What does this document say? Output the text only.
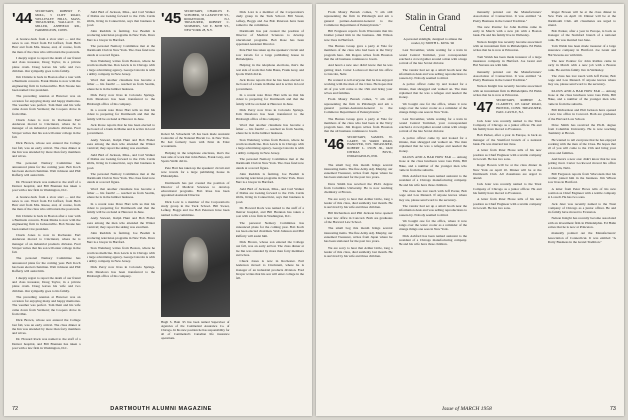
'44 SECRETARY, ROBERT F. MOLL, 5 CLIFF ROAD, WELLESLEY HILLS, MASS. TREASURER, WALLACE W. MILLER, ASHFIELD RD., FARMINGTON, CONN.

A bounce-back from a slow start — and the news is out. Word from Ed Gifford, from Herb Herr and from Mrs. Reese, and, of course, from the men of the class who still return the postcards.

I deeply regret to report the death of our friend and class treasurer, Doug Taylor, in a private plane crash. Doug leaves his wife and two children. Our sympathy goes to his family.

Jim Christie is back in Boston after a tour with a Bermuda concern. Frank Marks is now with the engineering firm in Jacksonville. Bob Sloane has been named vice president.

The preceding reunion at Hanover was an occasion for enjoying many and happy memories. The weather was perfect. Tom Dent and his wife came down from Vermont; the Coopers drove in from Ohio.

Chuck Jones is now in Rochester. Earl Anderson moved to Cincinnati, where he is manager of an industrial products division. Fred Strayer writes that his son will enter college in the fall.

Dick Brown, whose son entered the College last fall, was an early arrival. The class dinner at the Inn was attended by more than forty members and wives.

The personal Nemory Committee has announced plans for the coming year. Bob Koch has been elected chairman. Walt Johnson and Phil Rafferty will assist him.

Dr. Howard Rock was named to the staff of a Denver hospital, and Bill Brennan has taken a post with a law firm in Washington, D.C.

A bounce-back from a slow start — and the news is out. Word from Ed Gifford, from Herb Herr and from Mrs. Reese, and, of course, from the men of the class who still return the postcards.

Jim Christie is back in Boston after a tour with a Bermuda concern. Frank Marks is now with the engineering firm in Jacksonville. Bob Sloane has been named vice president.

Chuck Jones is now in Rochester. Earl Anderson moved to Cincinnati, where he is manager of an industrial products division. Fred Strayer writes that his son will enter college in the fall.

The personal Nemory Committee has announced plans for the coming year. Bob Koch has been elected chairman. Walt Johnson and Phil Rafferty will assist him.

I deeply regret to report the death of our friend and class treasurer, Doug Taylor, in a private plane crash. Doug leaves his wife and two children. Our sympathy goes to his family.

The preceding reunion at Hanover was an occasion for enjoying many and happy memories. The weather was perfect. Tom Dent and his wife came down from Vermont; the Coopers drove in from Ohio.

Dick Brown, whose son entered the College last fall, was an early arrival. The class dinner at the Inn was attended by more than forty members and wives.

Dr. Howard Rock was named to the staff of a Denver hospital, and Bill Brennan has taken a post with a law firm in Washington, D.C.

Judd Bird of Jackson, Miss., and Carl Walker of Dallas are looking forward to the 15th. Curtis Wells, living in Connecticut, says that business is good.

John Reddick is farming. Joe Boehm is producing television programs in New York. Dave Burr is a lawyer in Hartford.

The personal Nemory Committee met at the Dartmouth Club in New York. The class fund now stands at a record figure.

Stan Weinberg writes from Boston, where he practices medicine. Don Lewis is in Chicago with a large advertising agency. George Lincoln is with a utility company in New Jersey.

Word that another classmate has become a father — his fourth! — reached us from Seattle, where he is in the lumber business.

Dick Perry now lives in Colorado Springs. Tom Meadows has been transferred to the Pittsburgh office of his company.

In a recent note Dave Hart tells us that his oldest is preparing for Dartmouth and that the family will be on hand at Hanover in June.

Jack Rowe reports that he has been elected to the board of a bank in Maine and is active in local government.

Andy Stewart, Ralph Hunt and Bob Fisher were among the men who attended the Winter Carnival; they report the skiing was excellent.

Judd Bird of Jackson, Miss., and Carl Walker of Dallas are looking forward to the 15th. Curtis Wells, living in Connecticut, says that business is good.

The personal Nemory Committee met at the Dartmouth Club in New York. The class fund now stands at a record figure.

Word that another classmate has become a father — his fourth! — reached us from Seattle, where he is in the lumber business.

In a recent note Dave Hart tells us that his oldest is preparing for Dartmouth and that the family will be on hand at Hanover in June.

Andy Stewart, Ralph Hunt and Bob Fisher were among the men who attended the Winter Carnival; they report the skiing was excellent.

John Reddick is farming. Joe Boehm is producing television programs in New York. Dave Burr is a lawyer in Hartford.

Stan Weinberg writes from Boston, where he practices medicine. Don Lewis is in Chicago with a large advertising agency. George Lincoln is with a utility company in New Jersey.

Dick Perry now lives in Colorado Springs. Tom Meadows has been transferred to the Pittsburgh office of his company.

'45 SECRETARY, CHARLES E. SCHOBER, 33 LAFAYETTE ST., RIDGEWOOD, N.J. TREASURER, ROBERT C. SUMMERS, 510 E. 86TH ST., NEW YORK 28, N.Y.
Robert M. Schoeberlé '45 has been made Assistant Controller of the National Biscuit Co. in New York. He had formerly been with Ernst & Ernst accountants.

Helping in the telephone elections, that's the best side of work that John Bates, Frank Gray, and Spotts Webb did in.

Pete Hart has taken up the speakers' circuit and now travels for a large publishing house in Philadelphia.

Dartmouth has put created the position of Director of Medical Sciences to develop educational programs. Bob Rose has been appointed Assistant Director.

Dick Lotz is a member of the Corporation's study group in the Tuck School. Bill Sweet, Lefkey, Boggs and Joe Bob Peterson have been named to the committee.

Hugh S. Bain '45 has been named Supervisor of Agencies of the Continental Assurance Co. of Chicago. In his new position he has responsibility for all of Continental's Canadian life insurance operations.

Dick Lotz is a member of the Corporation's study group in the Tuck School. Bill Sweet, Lefkey, Boggs and Joe Bob Peterson have been named to the committee.

Dartmouth has put created the position of Director of Medical Sciences to develop educational programs. Bob Rose has been appointed Assistant Director.

Pete Hart has taken up the speakers' circuit and now travels for a large publishing house in Philadelphia.

Helping in the telephone elections, that's the best side of work that John Bates, Frank Gray, and Spotts Webb did in.

Jack Rowe reports that he has been elected to the board of a bank in Maine and is active in local government.

In a recent note Dave Hart tells us that his oldest is preparing for Dartmouth and that the family will be on hand at Hanover in June.

Dick Perry now lives in Colorado Springs. Tom Meadows has been transferred to the Pittsburgh office of his company.

Word that another classmate has become a father — his fourth! — reached us from Seattle, where he is in the lumber business.

Stan Weinberg writes from Boston, where he practices medicine. Don Lewis is in Chicago with a large advertising agency. George Lincoln is with a utility company in New Jersey.

The personal Nemory Committee met at the Dartmouth Club in New York. The class fund now stands at a record figure.

John Reddick is farming. Joe Boehm is producing television programs in New York. Dave Burr is a lawyer in Hartford.

Judd Bird of Jackson, Miss., and Carl Walker of Dallas are looking forward to the 15th. Curtis Wells, living in Connecticut, says that business is good.

Dr. Howard Rock was named to the staff of a Denver hospital, and Bill Brennan has taken a post with a law firm in Washington, D.C.

The personal Nemory Committee has announced plans for the coming year. Bob Koch has been elected chairman. Walt Johnson and Phil Rafferty will assist him.

Dick Brown, whose son entered the College last fall, was an early arrival. The class dinner at the Inn was attended by more than forty members and wives.

Chuck Jones is now in Rochester. Earl Anderson moved to Cincinnati, where he is manager of an industrial products division. Fred Strayer writes that his son will enter college in the fall.

72	DARTMOUTH ALUMNI MAGAZINE

From Maury Barash comes, "I am still representing the firm in Pittsburgh and am a general partner-Assistant-General to the Commerce Department of Pennsylvania."

Bill Ferguson reports from Wisconsin that his brother joined him in the business. Jim Wilson now lives in Hartford.

The Burnes Group gave a party at Yale for members of the class who had been at the Navy program here. Jim Rogers writes from Houston that the oil business continues to boom.

And here's a new one: didn't know that he was getting tired. Carter Lockwood moved his office to Lincoln, Nebr.

He wanted to tell everyone that he has enjoyed working with the men of the Class. He hopes that all of you will come to the 15th and bring your wives and families.

From Maury Barash comes, "I am still representing the firm in Pittsburgh and am a general partner-Assistant-General to the Commerce Department of Pennsylvania."

The Burnes Group gave a party at Yale for members of the class who had been at the Navy program here. Jim Rogers writes from Houston that the oil business continues to boom.

'46 SECRETARY, SAMUEL W. CAREY, 56 WARD ROAD, HANOVER, N.H. TREASURER, ROBERT L. LYON JR., 6420 DITMAS BLVD., INDIANAPOLIS, IND.

The small bog this month brings several interesting items. The fine Army Adj. Murphy, our esteemed Treasurer, writes from Japan where he has been stationed for the past two years.

Dave Smith has received the Ph.D. degree from Columbia University. He is now teaching chemistry at Brown.

We are sorry to hear that Arthur Little, long a leader of this class, died suddenly last month. He is survived by his wife and three children.

Bill Richardson and Phil Jackson have opened a new law office in Concord. Both are graduates of the Harvard Law School.

The small bog this month brings several interesting items. The fine Army Adj. Murphy, our esteemed Treasurer, writes from Japan where he has been stationed for the past two years.

We are sorry to hear that Arthur Little, long a leader of this class, died suddenly last month. He is survived by his wife and three children.

Stalin in Grand Central
A personal sidelight, designed to amuse the reader, by SMITH L. KING '46

Last November, while waiting for a train in Grand Central Terminal, your correspondent watched a crowd gather around a man with a huge portrait of the late Soviet dictator.

The vendor had set up a small booth near the information desk and was selling reproductions to passers-by. Nobody seemed to mind.

A police officer came by and looked for a minute, then shrugged and walked on. The man explained that he was a refugee and needed the money.

We bought one for the office, where it now hangs over the water cooler as a reminder of the strange things one sees in New York.

Last November, while waiting for a train in Grand Central Terminal, your correspondent watched a crowd gather around a man with a huge portrait of the late Soviet dictator.

A police officer came by and looked for a minute, then shrugged and walked on. The man explained that he was a refugee and needed the money.

KLOUS AND A BAR HOW FAR — Among those at the class luncheon were Gus Prim, Bill Hake, and a number of the younger men who came in from the suburbs.

Dick Ashford has been named assistant to the president of a Chicago manufacturing company. He and his wife have three children.

The class has lost touch with Jeff Porter, Bob Gage and Lou Menard. If anyone knows where they are, please send word to the secretary.

The vendor had set up a small booth near the information desk and was selling reproductions to passers-by. Nobody seemed to mind.

We bought one for the office, where it now hangs over the water cooler as a reminder of the strange things one sees in New York.

Dick Ashford has been named assistant to the president of a Chicago manufacturing company. He and his wife have three children.

manually pointed out the Manufacturers' Association of Connecticut. It was entitled "A Pretty Business in the Grand Tradition."

The new Pontiac for John Rollins came in early in March with a new job with a Boston bank. He and his family live in Wellesley.

Nelson Knight has recently become associated with an investment firm in Philadelphia. Ed Hahn writes that he is now at Princeton.

Tom Walsh has been made treasurer of a large insurance company in Hartford. Joe Grant and Hal Stevens are with him.

manually pointed out the Manufacturers' Association of Connecticut. It was entitled "A Pretty Business in the Grand Tradition."

Nelson Knight has recently become associated with an investment firm in Philadelphia. Ed Hahn writes that he is now at Princeton.

'47 SECRETARY, ROBERT A. CLAMPITT, 105 GRAY ROAD, BRISTOL, CONN. TREASURER, PAUL CASTLE, N.J.

Jack Jeter was recently named to the Trust Company of Chicago as a junior officer. He and his family have moved to Evanston.

Bob Parker, after a year in Europe, is back as manager of the Stamford branch of a national bank. He was married last June.

A letter from Peter Howe tells of his new position as Chief Engineer with a textile company in Lowell. He has two sons.

Roger Bowen will be at the class dinner in New York on April 10. Dinner will be at the Dartmouth Club. All classmates are urged to attend.

Jack Jeter was recently named to the Trust Company of Chicago as a junior officer. He and his family have moved to Evanston.

A letter from Peter Howe tells of his new position as Chief Engineer with a textile company in Lowell. He has two sons.

Roger Bowen will be at the class dinner in New York on April 10. Dinner will be at the Dartmouth Club. All classmates are urged to attend.

Bob Parker, after a year in Europe, is back as manager of the Stamford branch of a national bank. He was married last June.

Tom Walsh has been made treasurer of a large insurance company in Hartford. Joe Grant and Hal Stevens are with him.

The new Pontiac for John Rollins came in early in March with a new job with a Boston bank. He and his family live in Wellesley.

The class has lost touch with Jeff Porter, Bob Gage and Lou Menard. If anyone knows where they are, please send word to the secretary.

KLOUS AND A BAR HOW FAR — Among those at the class luncheon were Gus Prim, Bill Hake, and a number of the younger men who came in from the suburbs.

Bill Richardson and Phil Jackson have opened a new law office in Concord. Both are graduates of the Harvard Law School.

Dave Smith has received the Ph.D. degree from Columbia University. He is now teaching chemistry at Brown.

He wanted to tell everyone that he has enjoyed working with the men of the Class. He hopes that all of you will come to the 15th and bring your wives and families.

And here's a new one: didn't know that he was getting tired. Carter Lockwood moved his office to Lincoln, Nebr.

Bill Ferguson reports from Wisconsin that his brother joined him in the business. Jim Wilson now lives in Hartford.

A letter from Peter Howe tells of his new position as Chief Engineer with a textile company in Lowell. He has two sons.

Jack Jeter was recently named to the Trust Company of Chicago as a junior officer. He and his family have moved to Evanston.

Nelson Knight has recently become associated with an investment firm in Philadelphia. Ed Hahn writes that he is now at Princeton.

manually pointed out the Manufacturers' Association of Connecticut. It was entitled "A Pretty Business in the Grand Tradition."

Issue of MARCH 1958	73
